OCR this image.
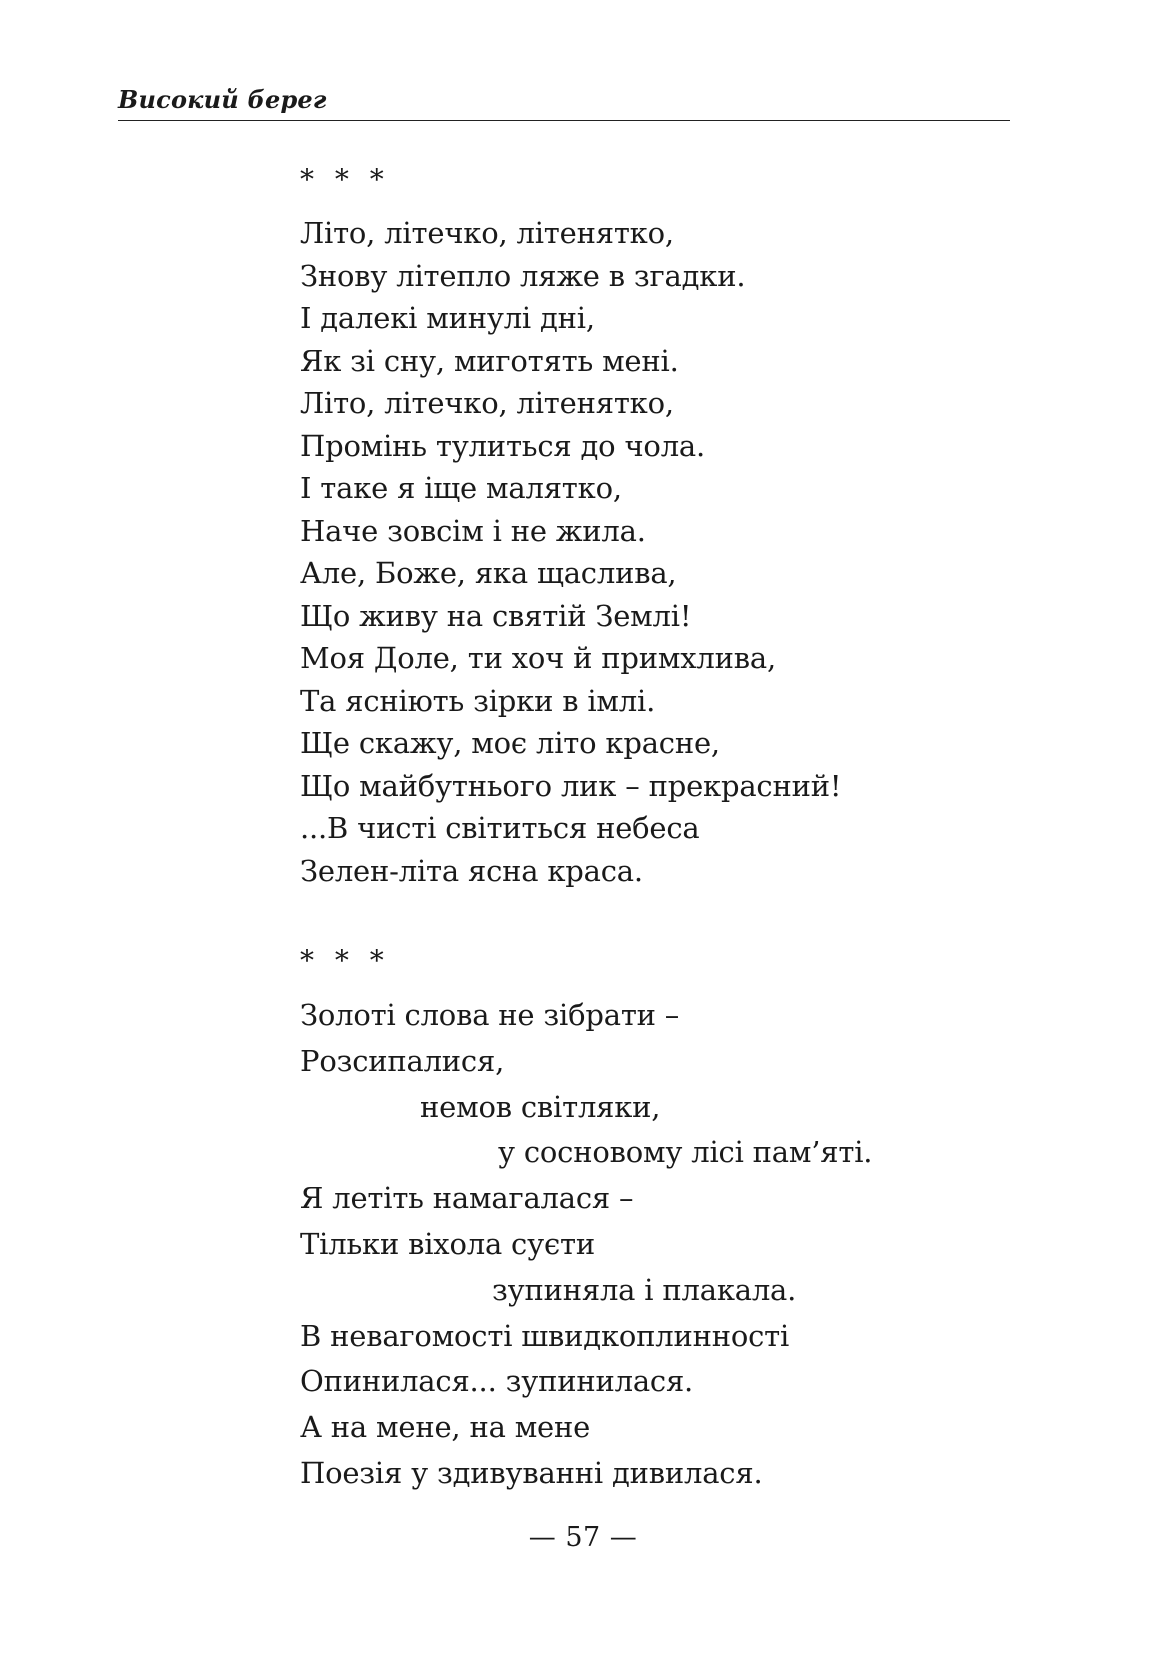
Високий берег
* * *
Літо, літечко, літенятко,
Знову літепло ляже в згадки.
І далекі минулі дні,
Як зі сну, миготять мені.
Літо, літечко, літенятко,
Промінь тулиться до чола.
І таке я іще малятко,
Наче зовсім і не жила.
Але, Боже, яка щаслива,
Що живу на святій Землі!
Моя Доле, ти хоч й примхлива,
Та яснiють зірки в імлі.
Ще скажу, моє літо красне,
Що майбутнього лик – прекрасний!
...В чисті світиться небеса
Зелен-літа ясна краса.
* * *
Золоті слова не зібрати –
Розсипалися,
немов світляки,
у сосновому лісі пам’яті.
Я летіть намагалася –
Тільки віхола суєти
зупиняла і плакала.
В невагомості швидкоплинності
Опинилася... зупинилася.
А на мене, на мене
Поезія у здивуванні дивилася.
— 57 —
